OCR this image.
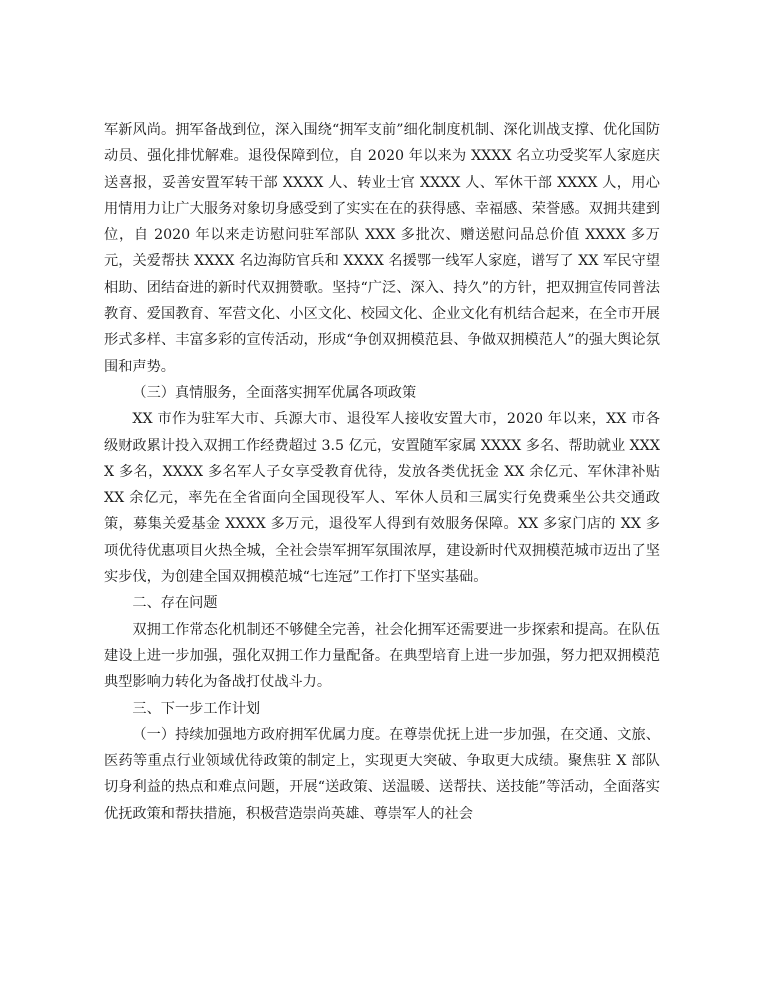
军新风尚。拥军备战到位，深入围绕“拥军支前”细化制度机制、深化训战支撑、优化国防动员、强化排忧解难。退役保障到位，自 2020 年以来为 XXXX 名立功受奖军人家庭庆送喜报，妥善安置军转干部 XXXX 人、转业士官 XXXX 人、军休干部 XXXX 人，用心用情用力让广大服务对象切身感受到了实实在在的获得感、幸福感、荣誉感。双拥共建到位，自 2020 年以来走访慰问驻军部队 XXX 多批次、赠送慰问品总价值 XXXX 多万元，关爱帮扶 XXXX 名边海防官兵和 XXXX 名援鄂一线军人家庭，谱写了 XX 军民守望相助、团结奋进的新时代双拥赞歌。坚持“广泛、深入、持久”的方针，把双拥宣传同普法教育、爱国教育、军营文化、小区文化、校园文化、企业文化有机结合起来，在全市开展形式多样、丰富多彩的宣传活动，形成“争创双拥模范县、争做双拥模范人”的强大舆论氛围和声势。

（三）真情服务，全面落实拥军优属各项政策

XX 市作为驻军大市、兵源大市、退役军人接收安置大市，2020 年以来，XX 市各级财政累计投入双拥工作经费超过 3.5 亿元，安置随军家属 XXXX 多名、帮助就业 XXXX 多名，XXXX 多名军人子女享受教育优待，发放各类优抚金 XX 余亿元、军休津补贴 XX 余亿元，率先在全省面向全国现役军人、军休人员和三属实行免费乘坐公共交通政策，募集关爱基金 XXXX 多万元，退役军人得到有效服务保障。XX 多家门店的 XX 多项优待优惠项目火热全城，全社会崇军拥军氛围浓厚，建设新时代双拥模范城市迈出了坚实步伐，为创建全国双拥模范城“七连冠”工作打下坚实基础。

二、存在问题

双拥工作常态化机制还不够健全完善，社会化拥军还需要进一步探索和提高。在队伍建设上进一步加强，强化双拥工作力量配备。在典型培育上进一步加强，努力把双拥模范典型影响力转化为备战打仗战斗力。

三、下一步工作计划

（一）持续加强地方政府拥军优属力度。在尊崇优抚上进一步加强，在交通、文旅、医药等重点行业领域优待政策的制定上，实现更大突破、争取更大成绩。聚焦驻 X 部队切身利益的热点和难点问题，开展“送政策、送温暖、送帮扶、送技能”等活动，全面落实优抚政策和帮扶措施，积极营造崇尚英雄、尊崇军人的社会
